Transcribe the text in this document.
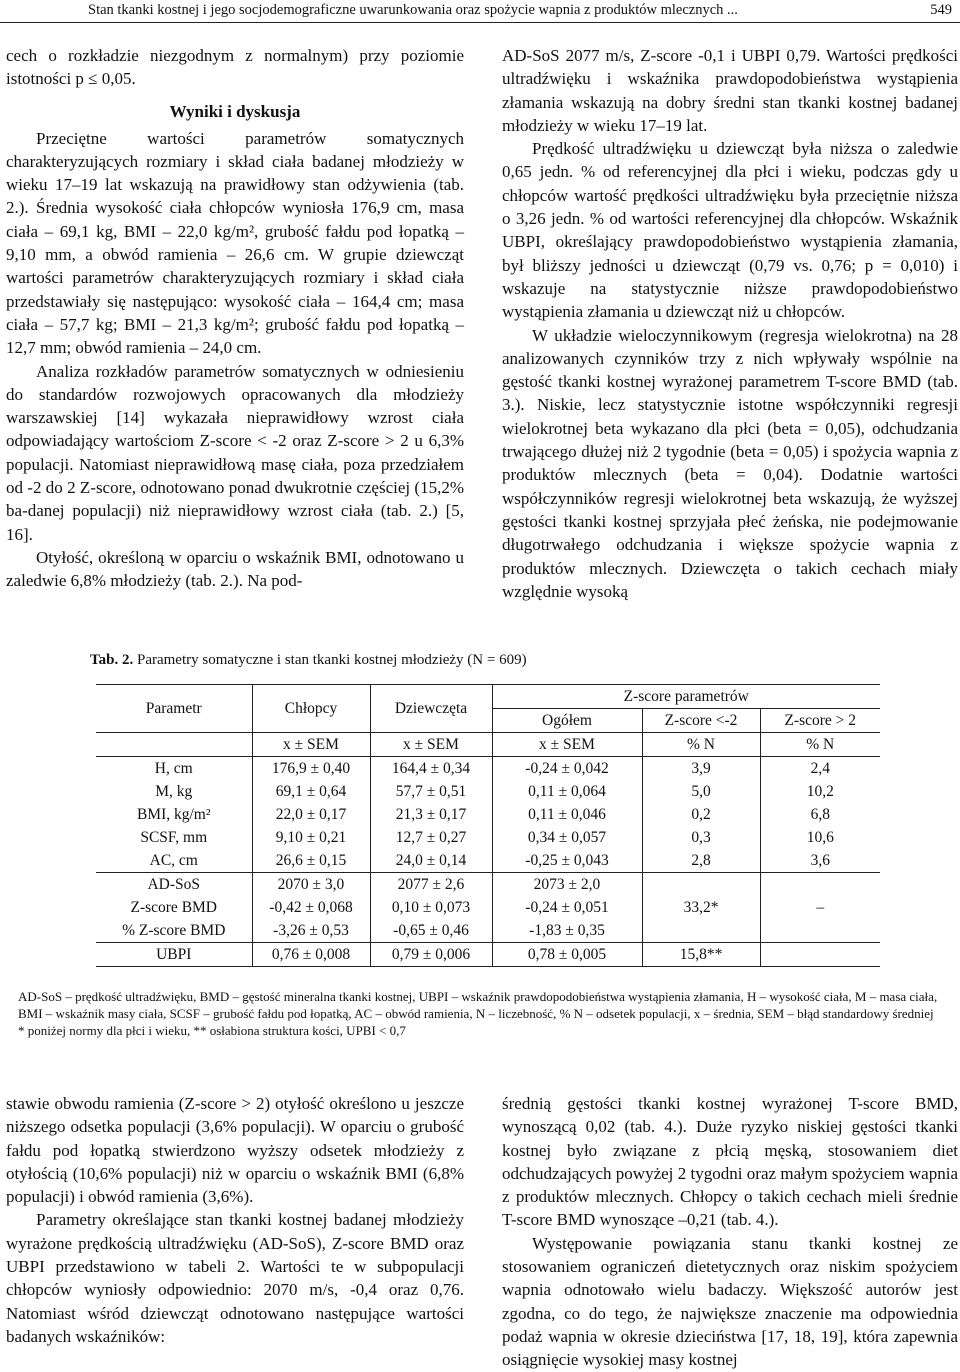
Stan tkanki kostnej i jego socjodemograficzne uwarunkowania oraz spożycie wapnia z produktów mlecznych ...	549

cech o rozkładzie niezgodnym z normalnym) przy poziomie istotności p ≤ 0,05.

Wyniki i dyskusja

Przeciętne wartości parametrów somatycznych charakteryzujących rozmiary i skład ciała badanej młodzieży w wieku 17–19 lat wskazują na prawidłowy stan odżywienia (tab. 2.). Średnia wysokość ciała chłopców wyniosła 176,9 cm, masa ciała – 69,1 kg, BMI – 22,0 kg/m², grubość fałdu pod łopatką – 9,10 mm, a obwód ramienia – 26,6 cm. W grupie dziewcząt wartości parametrów charakteryzujących rozmiary i skład ciała przedstawiały się następująco: wysokość ciała – 164,4 cm; masa ciała – 57,7 kg; BMI – 21,3 kg/m²; grubość fałdu pod łopatką – 12,7 mm; obwód ramienia – 24,0 cm.

Analiza rozkładów parametrów somatycznych w odniesieniu do standardów rozwojowych opracowanych dla młodzieży warszawskiej [14] wykazała nieprawidłowy wzrost ciała odpowiadający wartościom Z-score < -2 oraz Z-score > 2 u 6,3% populacji. Natomiast nieprawidłową masę ciała, poza przedziałem od -2 do 2 Z-score, odnotowano ponad dwukrotnie częściej (15,2% ba-danej populacji) niż nieprawidłowy wzrost ciała (tab. 2.) [5, 16].

Otyłość, określoną w oparciu o wskaźnik BMI, odnotowano u zaledwie 6,8% młodzieży (tab. 2.). Na pod-

AD-SoS 2077 m/s, Z-score -0,1 i UBPI 0,79. Wartości prędkości ultradźwięku i wskaźnika prawdopodobieństwa wystąpienia złamania wskazują na dobry średni stan tkanki kostnej badanej młodzieży w wieku 17–19 lat.

Prędkość ultradźwięku u dziewcząt była niższa o zaledwie 0,65 jedn. % od referencyjnej dla płci i wieku, podczas gdy u chłopców wartość prędkości ultradźwięku była przeciętnie niższa o 3,26 jedn. % od wartości referencyjnej dla chłopców. Wskaźnik UBPI, określający prawdopodobieństwo wystąpienia złamania, był bliższy jedności u dziewcząt (0,79 vs. 0,76; p = 0,010) i wskazuje na statystycznie niższe prawdopodobieństwo wystąpienia złamania u dziewcząt niż u chłopców.

W układzie wieloczynnikowym (regresja wielokrotna) na 28 analizowanych czynników trzy z nich wpływały wspólnie na gęstość tkanki kostnej wyrażonej parametrem T-score BMD (tab. 3.). Niskie, lecz statystycznie istotne współczynniki regresji wielokrotnej beta wykazano dla płci (beta = 0,05), odchudzania trwającego dłużej niż 2 tygodnie (beta = 0,05) i spożycia wapnia z produktów mlecznych (beta = 0,04). Dodatnie wartości współczynników regresji wielokrotnej beta wskazują, że wyższej gęstości tkanki kostnej sprzyjała płeć żeńska, nie podejmowanie długotrwałego odchudzania i większe spożycie wapnia z produktów mlecznych. Dziewczęta o takich cechach miały względnie wysoką

Tab. 2. Parametry somatyczne i stan tkanki kostnej młodzieży (N = 609)
Parametr	Chłopcy	Dziewczęta	Z-score parametrów		
			Ogółem	Z-score <-2	Z-score > 2
	x ± SEM	x ± SEM	x ± SEM	% N	% N
H, cm	176,9 ± 0,40	164,4 ± 0,34	-0,24 ± 0,042	3,9	2,4
M, kg	69,1 ± 0,64	57,7 ± 0,51	0,11 ± 0,064	5,0	10,2
BMI, kg/m²	22,0 ± 0,17	21,3 ± 0,17	0,11 ± 0,046	0,2	6,8
SCSF, mm	9,10 ± 0,21	12,7 ± 0,27	0,34 ± 0,057	0,3	10,6
AC, cm	26,6 ± 0,15	24,0 ± 0,14	-0,25 ± 0,043	2,8	3,6
AD-SoS	2070 ± 3,0	2077 ± 2,6	2073 ± 2,0	33,2*	–
Z-score BMD	-0,42 ± 0,068	0,10 ± 0,073	-0,24 ± 0,051		
% Z-score BMD	-3,26 ± 0,53	-0,65 ± 0,46	-1,83 ± 0,35		
UBPI	0,76 ± 0,008	0,79 ± 0,006	0,78 ± 0,005	15,8**	

AD-SoS – prędkość ultradźwięku, BMD – gęstość mineralna tkanki kostnej, UBPI – wskaźnik prawdopodobieństwa wystąpienia złamania, H – wysokość ciała, M – masa ciała, BMI – wskaźnik masy ciała, SCSF – grubość fałdu pod łopatką, AC – obwód ramienia, N – liczebność, % N – odsetek populacji, x – średnia, SEM – błąd standardowy średniej

* poniżej normy dla płci i wieku, ** osłabiona struktura kości, UPBI < 0,7

stawie obwodu ramienia (Z-score > 2) otyłość określono u jeszcze niższego odsetka populacji (3,6% populacji). W oparciu o grubość fałdu pod łopatką stwierdzono wyższy odsetek młodzieży z otyłością (10,6% populacji) niż w oparciu o wskaźnik BMI (6,8% populacji) i obwód ramienia (3,6%).

Parametry określające stan tkanki kostnej badanej młodzieży wyrażone prędkością ultradźwięku (AD-SoS), Z-score BMD oraz UBPI przedstawiono w tabeli 2. Wartości te w subpopulacji chłopców wyniosły odpowiednio: 2070 m/s, -0,4 oraz 0,76. Natomiast wśród dziewcząt odnotowano następujące wartości badanych wskaźników:

średnią gęstości tkanki kostnej wyrażonej T-score BMD, wynoszącą 0,02 (tab. 4.). Duże ryzyko niskiej gęstości tkanki kostnej było związane z płcią męską, stosowaniem diet odchudzających powyżej 2 tygodni oraz małym spożyciem wapnia z produktów mlecznych. Chłopcy o takich cechach mieli średnie T-score BMD wynoszące –0,21 (tab. 4.).

Występowanie powiązania stanu tkanki kostnej ze stosowaniem ograniczeń dietetycznych oraz niskim spożyciem wapnia odnotowało wielu badaczy. Większość autorów jest zgodna, co do tego, że największe znaczenie ma odpowiednia podaż wapnia w okresie dzieciństwa [17, 18, 19], która zapewnia osiągnięcie wysokiej masy kostnej
